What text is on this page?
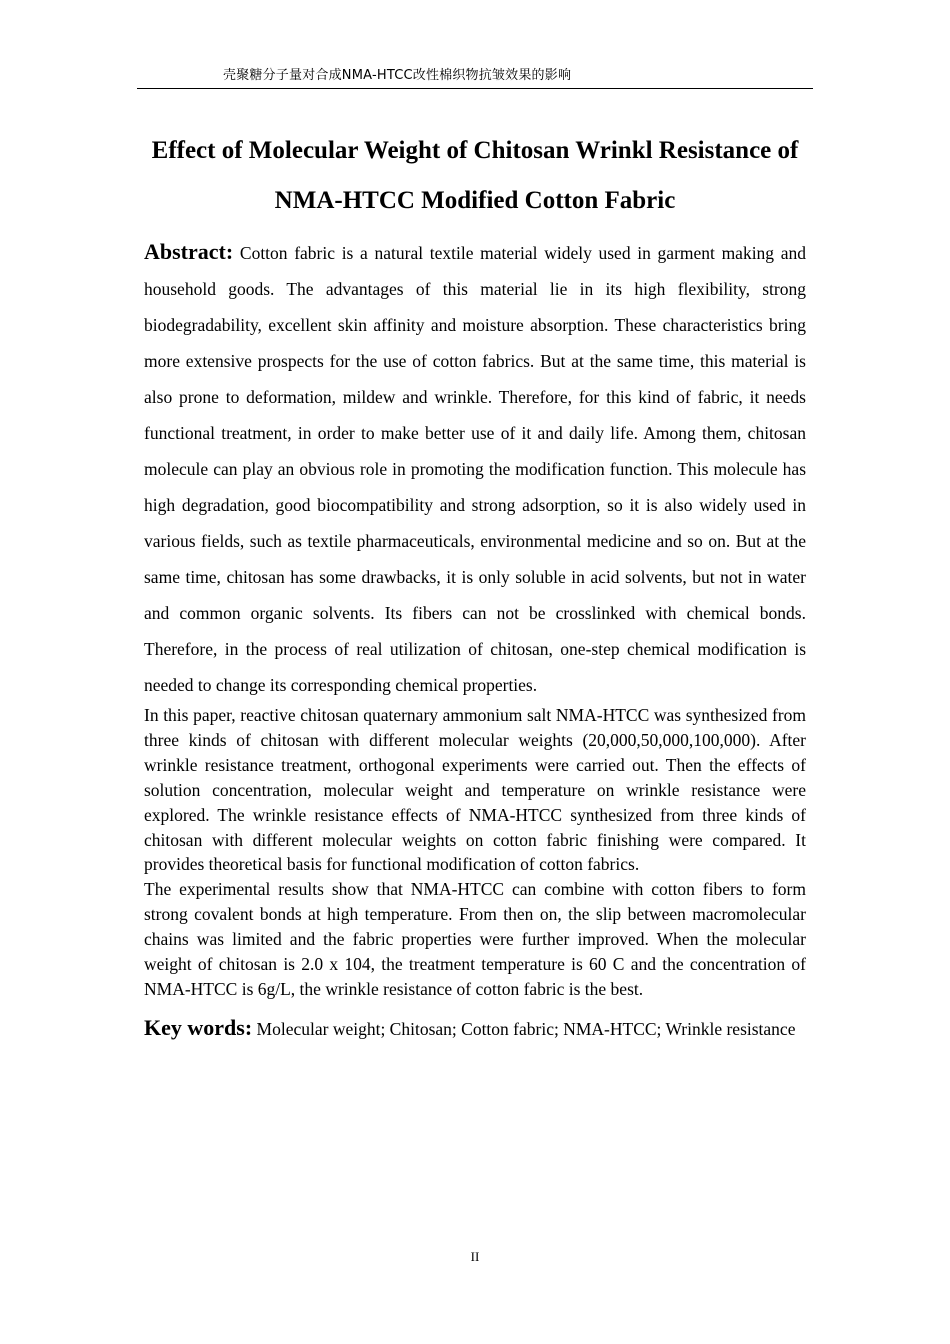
壳聚糖分子量对合成NMA-HTCC改性棉织物抗皱效果的影响
Effect of Molecular Weight of Chitosan Wrinkl Resistance of
NMA-HTCC Modified Cotton Fabric

Abstract: Cotton fabric is a natural textile material widely used in garment making and household goods. The advantages of this material lie in its high flexibility, strong biodegradability, excellent skin affinity and moisture absorption. These characteristics bring more extensive prospects for the use of cotton fabrics. But at the same time, this material is also prone to deformation, mildew and wrinkle. Therefore, for this kind of fabric, it needs functional treatment, in order to make better use of it and daily life. Among them, chitosan molecule can play an obvious role in promoting the modification function. This molecule has high degradation, good biocompatibility and strong adsorption, so it is also widely used in various fields, such as textile pharmaceuticals, environmental medicine and so on. But at the same time, chitosan has some drawbacks, it is only soluble in acid solvents, but not in water and common organic solvents. Its fibers can not be crosslinked with chemical bonds. Therefore, in the process of real utilization of chitosan, one-step chemical modification is needed to change its corresponding chemical properties.

In this paper, reactive chitosan quaternary ammonium salt NMA-HTCC was synthesized from three kinds of chitosan with different molecular weights (20,000,50,000,100,000). After wrinkle resistance treatment, orthogonal experiments were carried out. Then the effects of solution concentration, molecular weight and temperature on wrinkle resistance were explored. The wrinkle resistance effects of NMA-HTCC synthesized from three kinds of chitosan with different molecular weights on cotton fabric finishing were compared. It provides theoretical basis for functional modification of cotton fabrics.

The experimental results show that NMA-HTCC can combine with cotton fibers to form strong covalent bonds at high temperature. From then on, the slip between macromolecular chains was limited and the fabric properties were further improved. When the molecular weight of chitosan is 2.0 x 104, the treatment temperature is 60 C and the concentration of NMA-HTCC is 6g/L, the wrinkle resistance of cotton fabric is the best.

Key words: Molecular weight; Chitosan; Cotton fabric; NMA-HTCC; Wrinkle resistance

II
